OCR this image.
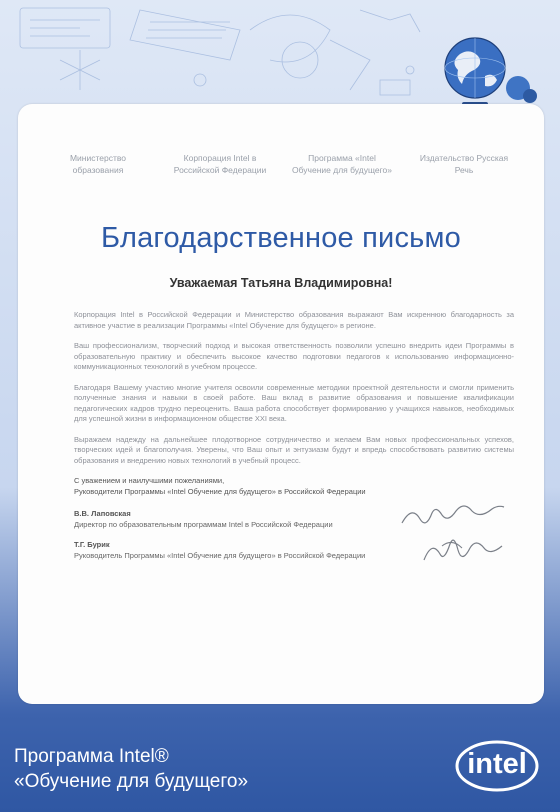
Министерство образования
Корпорация Intel в Российской Федерации
Программа «Intel Обучение для будущего»
Издательство Русская Речь
Благодарственное письмо
Уважаемая Татьяна Владимировна!

Корпорация Intel в Российской Федерации и Министерство образования выражают Вам искреннюю благодарность за активное участие в реализации Программы «Intel Обучение для будущего» в регионе.

Ваш профессионализм, творческий подход и высокая ответственность позволили успешно внедрить идеи Программы в образовательную практику и обеспечить высокое качество подготовки педагогов к использованию информационно-коммуникационных технологий в учебном процессе.

Благодаря Вашему участию многие учителя освоили современные методики проектной деятельности и смогли применить полученные знания и навыки в своей работе. Ваш вклад в развитие образования и повышение квалификации педагогических кадров трудно переоценить. Ваша работа способствует формированию у учащихся навыков, необходимых для успешной жизни в информационном обществе XXI века.

Выражаем надежду на дальнейшее плодотворное сотрудничество и желаем Вам новых профессиональных успехов, творческих идей и благополучия. Уверены, что Ваш опыт и энтузиазм будут и впредь способствовать развитию системы образования и внедрению новых технологий в учебный процесс.

С уважением и наилучшими пожеланиями,
Руководители Программы «Intel Обучение для будущего» в Российской Федерации
В.В. Лаповская
Директор по образовательным программам Intel в Российской Федерации
Т.Г. Бурик
Руководитель Программы «Intel Обучение для будущего» в Российской Федерации
Программа Intel®
«Обучение для будущего»
intel
